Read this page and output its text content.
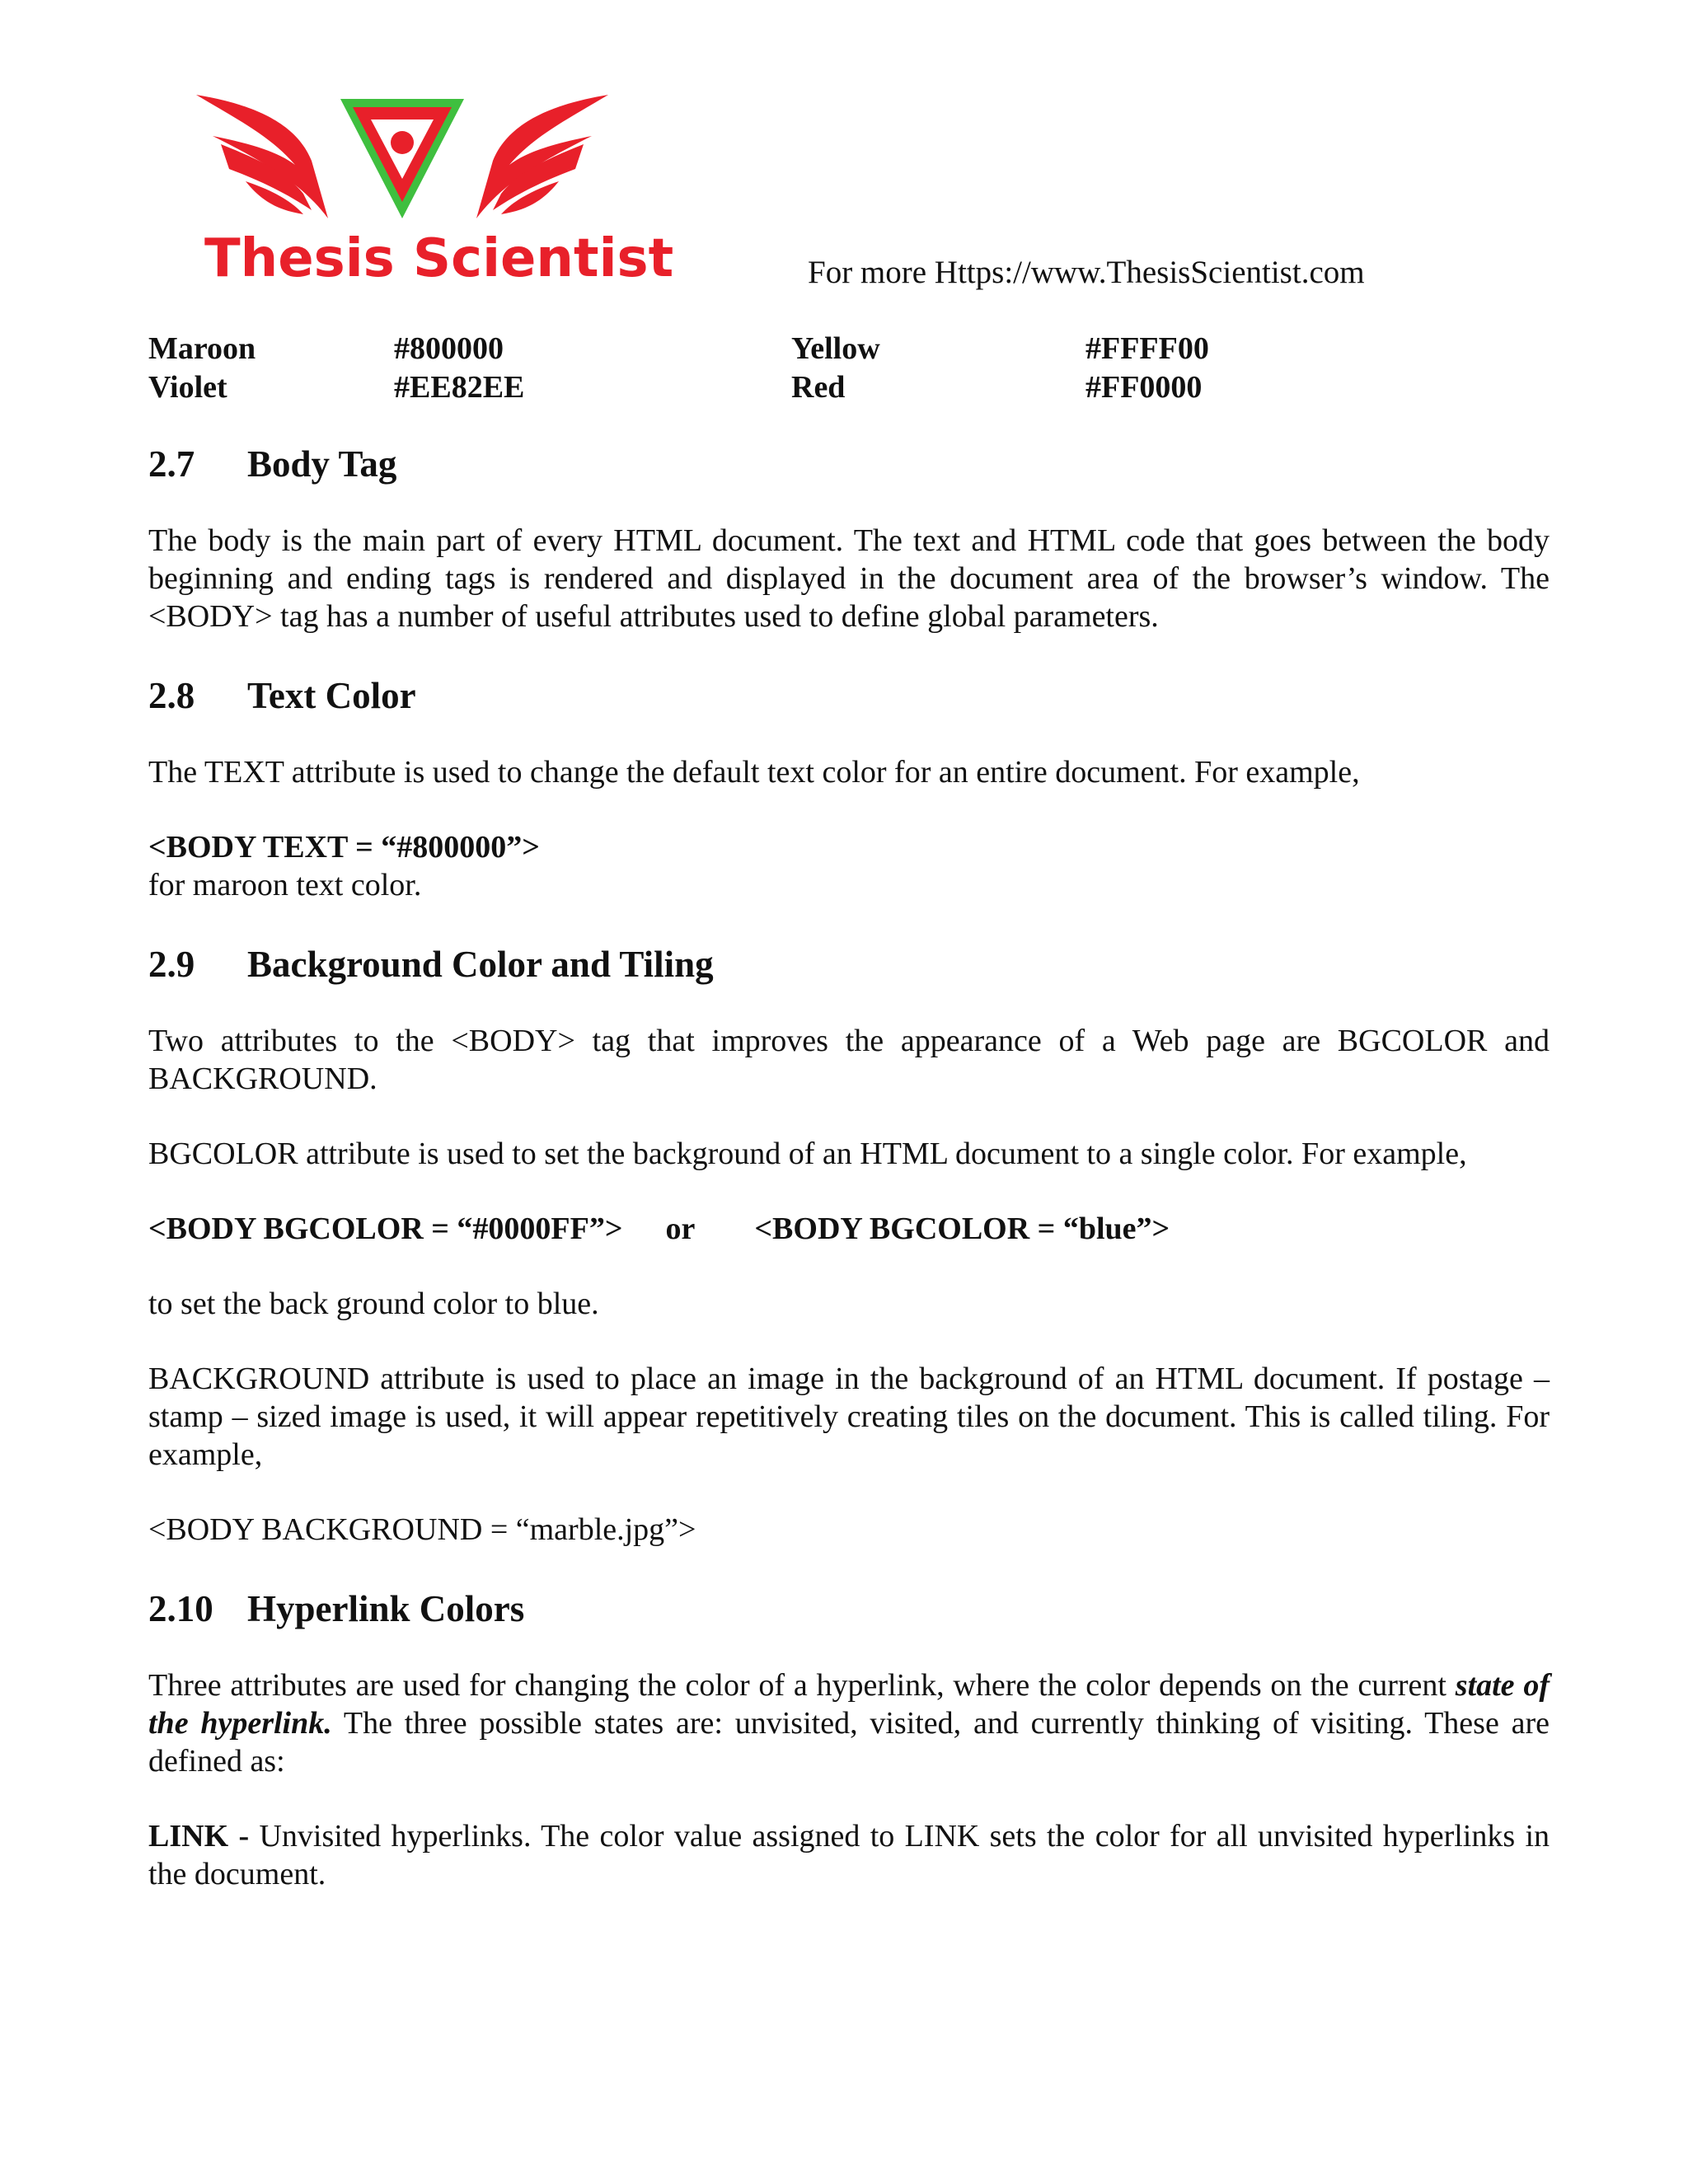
Thesis Scientist	For more Https://www.ThesisScientist.com
Maroon	#800000	Yellow	#FFFF00
Violet	#EE82EE	Red	#FF0000
2.7 Body Tag

The body is the main part of every HTML document. The text and HTML code that goes between the body beginning and ending tags is rendered and displayed in the document area of the browser’s window. The <BODY> tag has a number of useful attributes used to define global parameters.

2.8 Text Color

The TEXT attribute is used to change the default text color for an entire document. For example,

<BODY TEXT = “#800000”>

for maroon text color.

2.9 Background Color and Tiling

Two attributes to the <BODY> tag that improves the appearance of a Web page are BGCOLOR and BACKGROUND.

BGCOLOR attribute is used to set the background of an HTML document to a single color. For example,

<BODY BGCOLOR = “#0000FF”> or <BODY BGCOLOR = “blue”>

to set the back ground color to blue.

BACKGROUND attribute is used to place an image in the background of an HTML document. If postage – stamp – sized image is used, it will appear repetitively creating tiles on the document. This is called tiling. For example,

<BODY BACKGROUND = “marble.jpg”>

2.10 Hyperlink Colors

Three attributes are used for changing the color of a hyperlink, where the color depends on the current state of the hyperlink. The three possible states are: unvisited, visited, and currently thinking of visiting. These are defined as:

LINK - Unvisited hyperlinks. The color value assigned to LINK sets the color for all unvisited hyperlinks in the document.
